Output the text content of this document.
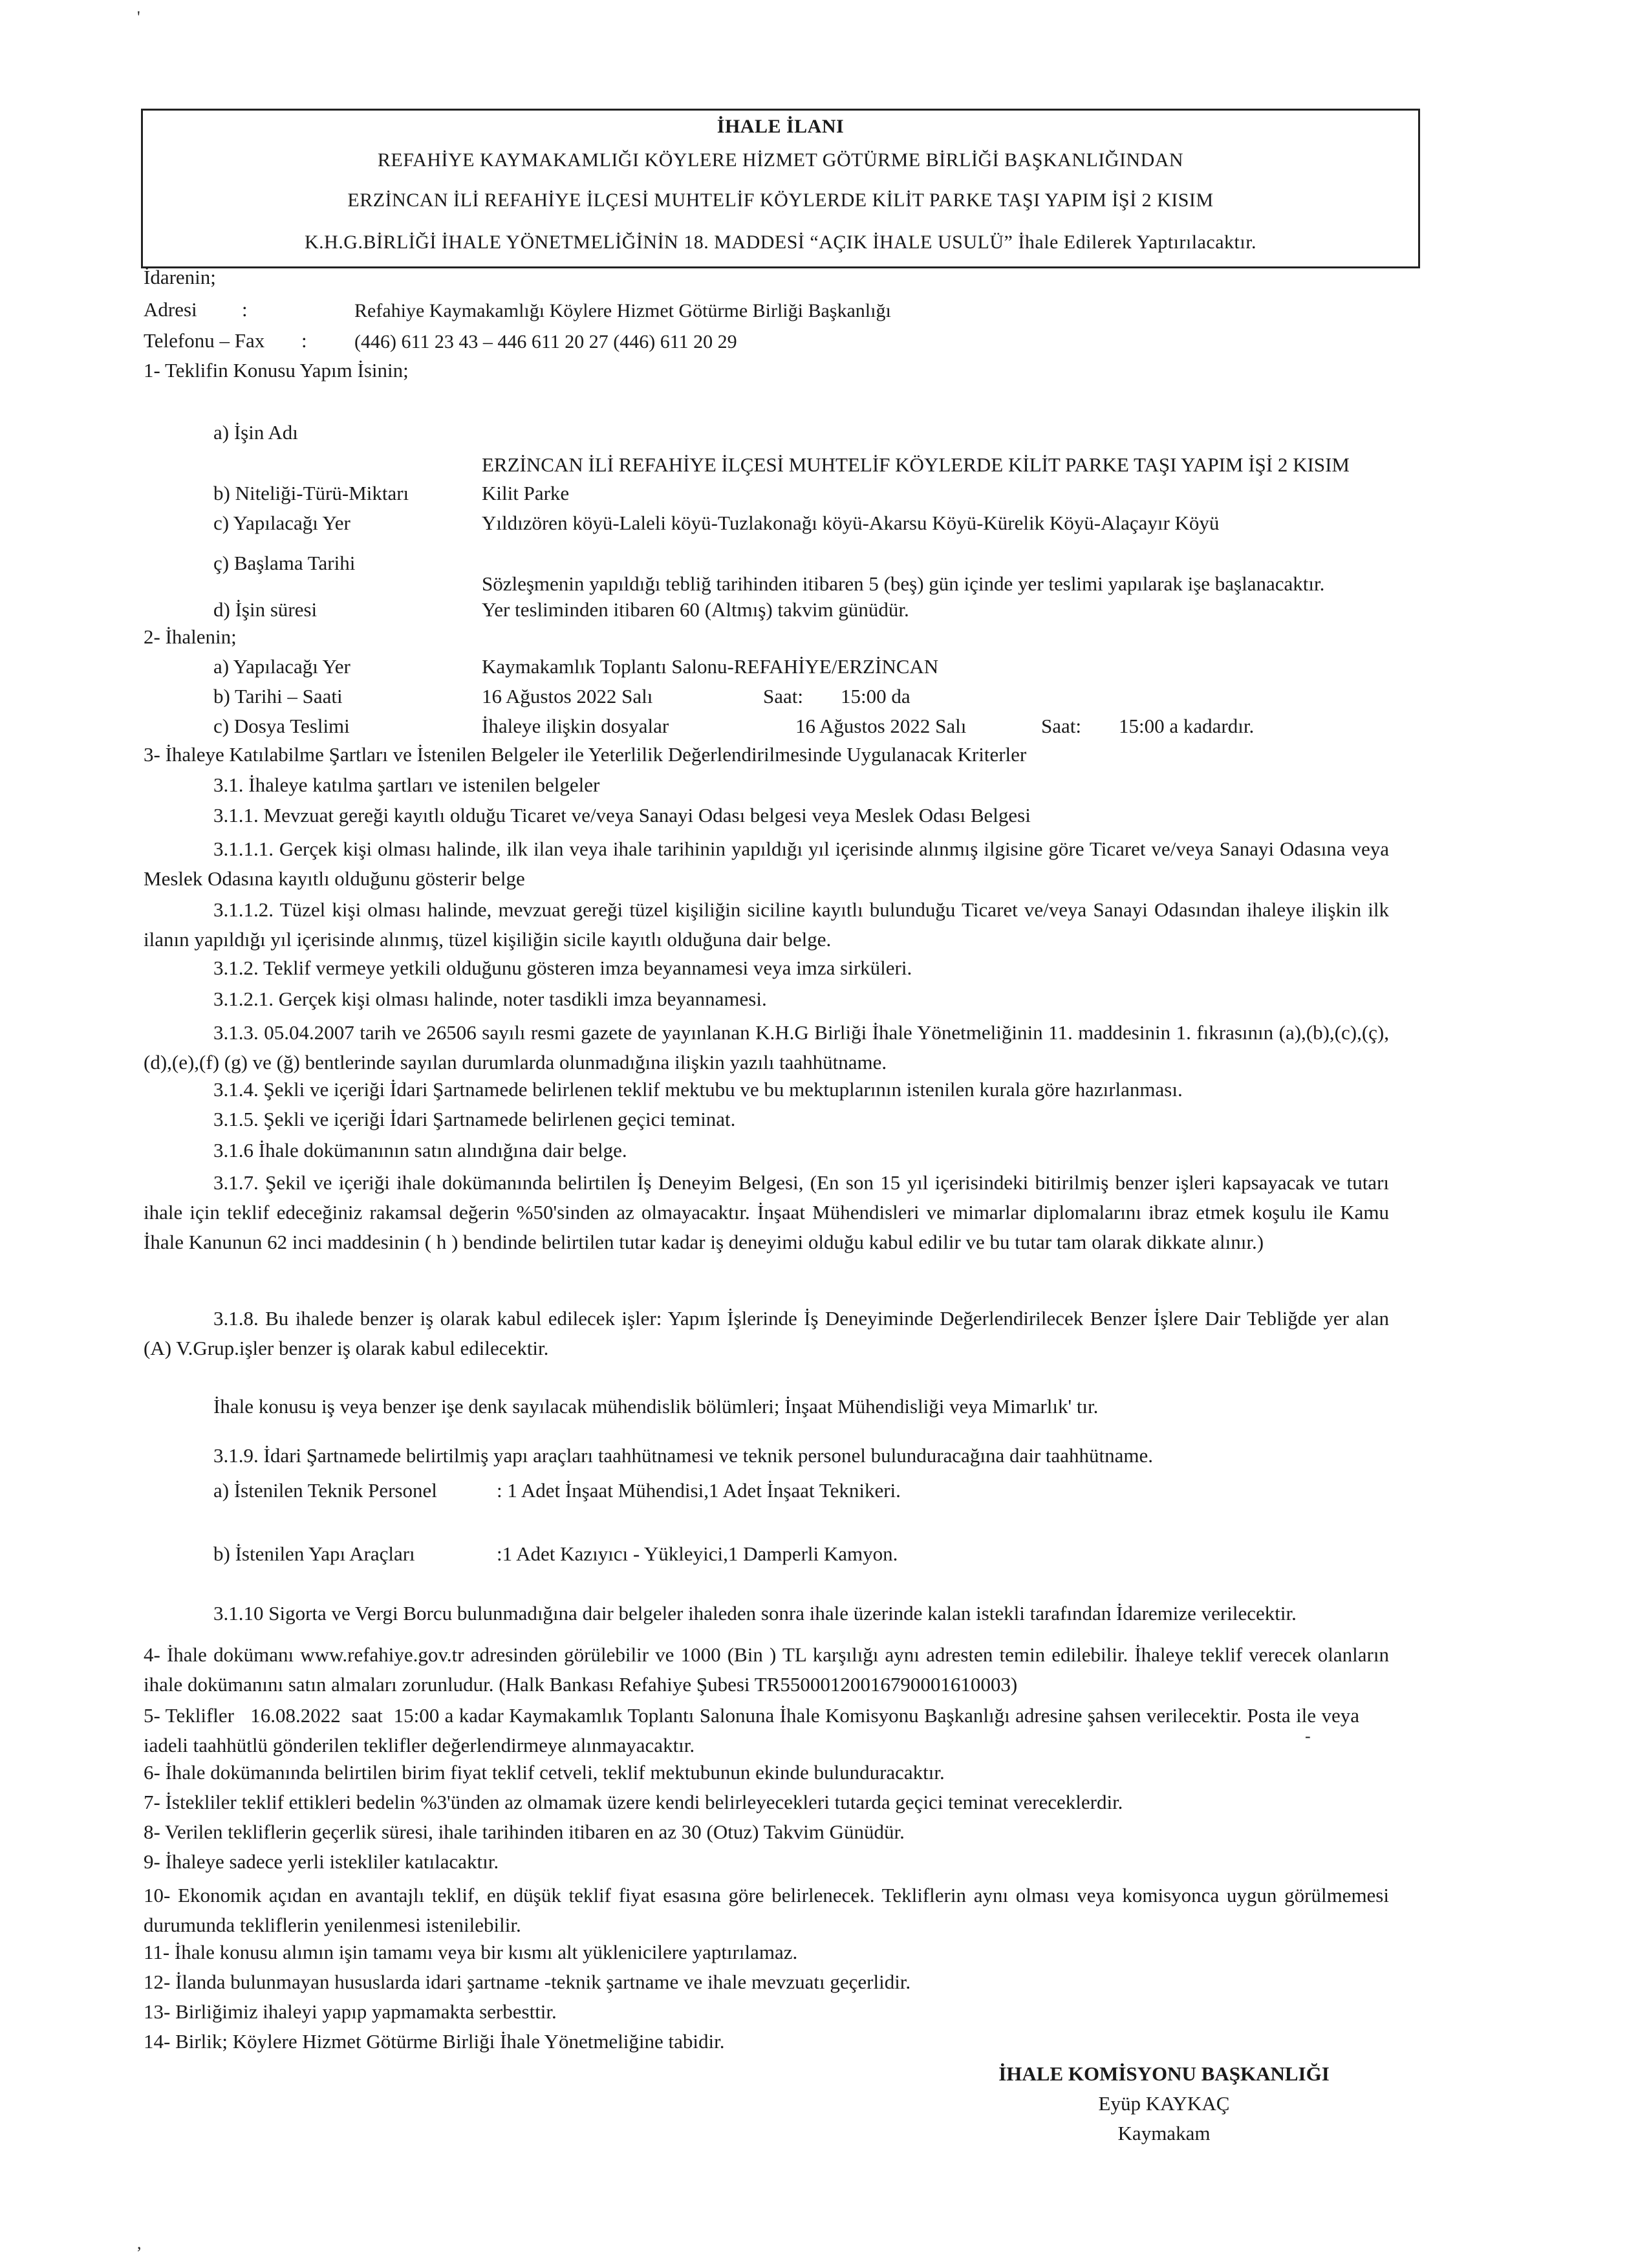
İHALE İLANI
REFAHİYE KAYMAKAMLIĞI KÖYLERE HİZMET GÖTÜRME BİRLİĞİ BAŞKANLIĞINDAN
ERZİNCAN İLİ REFAHİYE İLÇESİ MUHTELİF KÖYLERDE KİLİT PARKE TAŞI YAPIM İŞİ 2 KISIM
K.H.G.BİRLİĞİ İHALE YÖNETMELİĞİNİN 18. MADDESİ “AÇIK İHALE USULÜ” İhale Edilerek Yaptırılacaktır.
İdarenin;
Adresi :	Refahiye Kaymakamlığı Köylere Hizmet Götürme Birliği Başkanlığı
Telefonu – Fax : (446) 611 23 43 – 446 611 20 27 (446) 611 20 29
1- Teklifin Konusu Yapım İsinin;
a) İşin Adı
ERZİNCAN İLİ REFAHİYE İLÇESİ MUHTELİF KÖYLERDE KİLİT PARKE TAŞI YAPIM İŞİ 2 KISIM
b) Niteliği-Türü-Miktarı	Kilit Parke
c) Yapılacağı Yer	Yıldızören köyü-Laleli köyü-Tuzlakonağı köyü-Akarsu Köyü-Kürelik Köyü-Alaçayır Köyü
ç) Başlama Tarihi
Sözleşmenin yapıldığı tebliğ tarihinden itibaren 5 (beş) gün içinde yer teslimi yapılarak işe başlanacaktır.
d) İşin süresi	Yer tesliminden itibaren 60 (Altmış) takvim günüdür.
2- İhalenin;
a) Yapılacağı Yer	Kaymakamlık Toplantı Salonu-REFAHİYE/ERZİNCAN
b) Tarihi – Saati	16 Ağustos 2022 Salı	Saat: 15:00 da
c) Dosya Teslimi	İhaleye ilişkin dosyalar	16 Ağustos 2022 Salı	Saat: 15:00 a kadardır.
3- İhaleye Katılabilme Şartları ve İstenilen Belgeler ile Yeterlilik Değerlendirilmesinde Uygulanacak Kriterler
3.1. İhaleye katılma şartları ve istenilen belgeler
3.1.1. Mevzuat gereği kayıtlı olduğu Ticaret ve/veya Sanayi Odası belgesi veya Meslek Odası Belgesi
3.1.1.1. Gerçek kişi olması halinde, ilk ilan veya ihale tarihinin yapıldığı yıl içerisinde alınmış ilgisine göre Ticaret ve/veya Sanayi Odasına veya Meslek Odasına kayıtlı olduğunu gösterir belge
3.1.1.2. Tüzel kişi olması halinde, mevzuat gereği tüzel kişiliğin siciline kayıtlı bulunduğu Ticaret ve/veya Sanayi Odasından ihaleye ilişkin ilk ilanın yapıldığı yıl içerisinde alınmış, tüzel kişiliğin sicile kayıtlı olduğuna dair belge.
3.1.2. Teklif vermeye yetkili olduğunu gösteren imza beyannamesi veya imza sirküleri.
3.1.2.1. Gerçek kişi olması halinde, noter tasdikli imza beyannamesi.
3.1.3. 05.04.2007 tarih ve 26506 sayılı resmi gazete de yayınlanan K.H.G Birliği İhale Yönetmeliğinin 11. maddesinin 1. fıkrasının (a),(b),(c),(ç),(d),(e),(f) (g) ve (ğ) bentlerinde sayılan durumlarda olunmadığına ilişkin yazılı taahhütname.
3.1.4. Şekli ve içeriği İdari Şartnamede belirlenen teklif mektubu ve bu mektuplarının istenilen kurala göre hazırlanması.
3.1.5. Şekli ve içeriği İdari Şartnamede belirlenen geçici teminat.
3.1.6 İhale dokümanının satın alındığına dair belge.
3.1.7. Şekil ve içeriği ihale dokümanında belirtilen İş Deneyim Belgesi, (En son 15 yıl içerisindeki bitirilmiş benzer işleri kapsayacak ve tutarı ihale için teklif edeceğiniz rakamsal değerin %50'sinden az olmayacaktır. İnşaat Mühendisleri ve mimarlar diplomalarını ibraz etmek koşulu ile Kamu İhale Kanunun 62 inci maddesinin ( h ) bendinde belirtilen tutar kadar iş deneyimi olduğu kabul edilir ve bu tutar tam olarak dikkate alınır.)
3.1.8. Bu ihalede benzer iş olarak kabul edilecek işler: Yapım İşlerinde İş Deneyiminde Değerlendirilecek Benzer İşlere Dair Tebliğde yer alan (A) V.Grup.işler benzer iş olarak kabul edilecektir.
İhale konusu iş veya benzer işe denk sayılacak mühendislik bölümleri; İnşaat Mühendisliği veya Mimarlık' tır.
3.1.9. İdari Şartnamede belirtilmiş yapı araçları taahhütnamesi ve teknik personel bulunduracağına dair taahhütname.
a) İstenilen Teknik Personel	: 1 Adet İnşaat Mühendisi,1 Adet İnşaat Teknikeri.
b) İstenilen Yapı Araçları	:1 Adet Kazıyıcı - Yükleyici,1 Damperli Kamyon.
3.1.10 Sigorta ve Vergi Borcu bulunmadığına dair belgeler ihaleden sonra ihale üzerinde kalan istekli tarafından İdaremize verilecektir.
4- İhale dokümanı www.refahiye.gov.tr adresinden görülebilir ve 1000 (Bin ) TL karşılığı aynı adresten temin edilebilir. İhaleye teklif verecek olanların ihale dokümanını satın almaları zorunludur. (Halk Bankası Refahiye Şubesi TR55000120016790001610003)
5- Teklifler   16.08.2022  saat  15:00 a kadar Kaymakamlık Toplantı Salonuna İhale Komisyonu Başkanlığı adresine şahsen verilecektir. Posta ile veya iadeli taahhütlü gönderilen teklifler değerlendirmeye alınmayacaktır.
6- İhale dokümanında belirtilen birim fiyat teklif cetveli, teklif mektubunun ekinde bulunduracaktır.
7- İstekliler teklif ettikleri bedelin %3'ünden az olmamak üzere kendi belirleyecekleri tutarda geçici teminat vereceklerdir.
8- Verilen tekliflerin geçerlik süresi, ihale tarihinden itibaren en az 30 (Otuz) Takvim Günüdür.
9- İhaleye sadece yerli istekliler katılacaktır.
10- Ekonomik açıdan en avantajlı teklif, en düşük teklif fiyat esasına göre belirlenecek. Tekliflerin aynı olması veya komisyonca uygun görülmemesi durumunda tekliflerin yenilenmesi istenilebilir.
11- İhale konusu alımın işin tamamı veya bir kısmı alt yüklenicilere yaptırılamaz.
12- İlanda bulunmayan hususlarda idari şartname -teknik şartname ve ihale mevzuatı geçerlidir.
13- Birliğimiz ihaleyi yapıp yapmamakta serbesttir.
14- Birlik; Köylere Hizmet Götürme Birliği İhale Yönetmeliğine tabidir.
İHALE KOMİSYONU BAŞKANLIĞI
Eyüp KAYKAÇ
Kaymakam
'
-
,
